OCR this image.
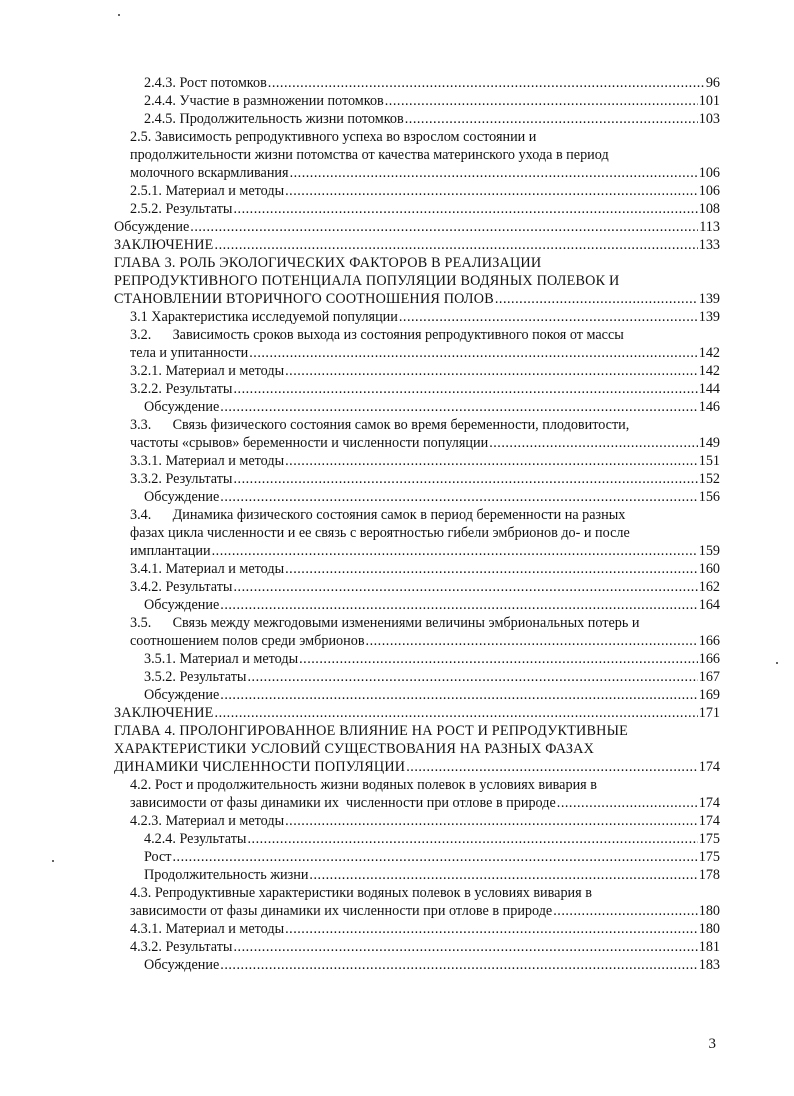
2.4.3. Рост потомков .....	96
2.4.4. Участие в размножении потомков .....	101
2.4.5. Продолжительность жизни потомков .....	103
2.5. Зависимость репродуктивного успеха во взрослом состоянии и
продолжительности жизни потомства от качества материнского ухода в период
молочного вскармливания .....	106
2.5.1. Материал и методы .....	106
2.5.2. Результаты .....	108
Обсуждение .....	113
ЗАКЛЮЧЕНИЕ .....	133
ГЛАВА 3. РОЛЬ ЭКОЛОГИЧЕСКИХ ФАКТОРОВ В РЕАЛИЗАЦИИ
РЕПРОДУКТИВНОГО ПОТЕНЦИАЛА ПОПУЛЯЦИИ ВОДЯНЫХ ПОЛЕВОК И
СТАНОВЛЕНИИ ВТОРИЧНОГО СООТНОШЕНИЯ ПОЛОВ .....	139
3.1 Характеристика исследуемой популяции .....	139
3.2.      Зависимость сроков выхода из состояния репродуктивного покоя от массы
тела и упитанности .....	142
3.2.1. Материал и методы .....	142
3.2.2. Результаты .....	144
Обсуждение .....	146
3.3.      Связь физического состояния самок во время беременности, плодовитости,
частоты «срывов» беременности и численности популяции .....	149
3.3.1. Материал и методы .....	151
3.3.2. Результаты .....	152
Обсуждение .....	156
3.4.      Динамика физического состояния самок в период беременности на разных
фазах цикла численности и ее связь с вероятностью гибели эмбрионов до- и после
имплантации .....	159
3.4.1. Материал и методы .....	160
3.4.2. Результаты .....	162
Обсуждение .....	164
3.5.      Связь между межгодовыми изменениями величины эмбриональных потерь и
соотношением полов среди эмбрионов .....	166
3.5.1. Материал и методы .....	166
3.5.2. Результаты .....	167
Обсуждение .....	169
ЗАКЛЮЧЕНИЕ .....	171
ГЛАВА 4. ПРОЛОНГИРОВАННОЕ ВЛИЯНИЕ НА РОСТ И РЕПРОДУКТИВНЫЕ
ХАРАКТЕРИСТИКИ УСЛОВИЙ СУЩЕСТВОВАНИЯ НА РАЗНЫХ ФАЗАХ
ДИНАМИКИ ЧИСЛЕННОСТИ ПОПУЛЯЦИИ .....	174
4.2. Рост и продолжительность жизни водяных полевок в условиях вивария в
зависимости от фазы динамики их  численности при отлове в природе .....	174
4.2.3. Материал и методы .....	174
4.2.4. Результаты .....	175
Рост .....	175
Продолжительность жизни .....	178
4.3. Репродуктивные характеристики водяных полевок в условиях вивария в
зависимости от фазы динамики их численности при отлове в природе .....	180
4.3.1. Материал и методы .....	180
4.3.2. Результаты .....	181
Обсуждение .....	183
3
